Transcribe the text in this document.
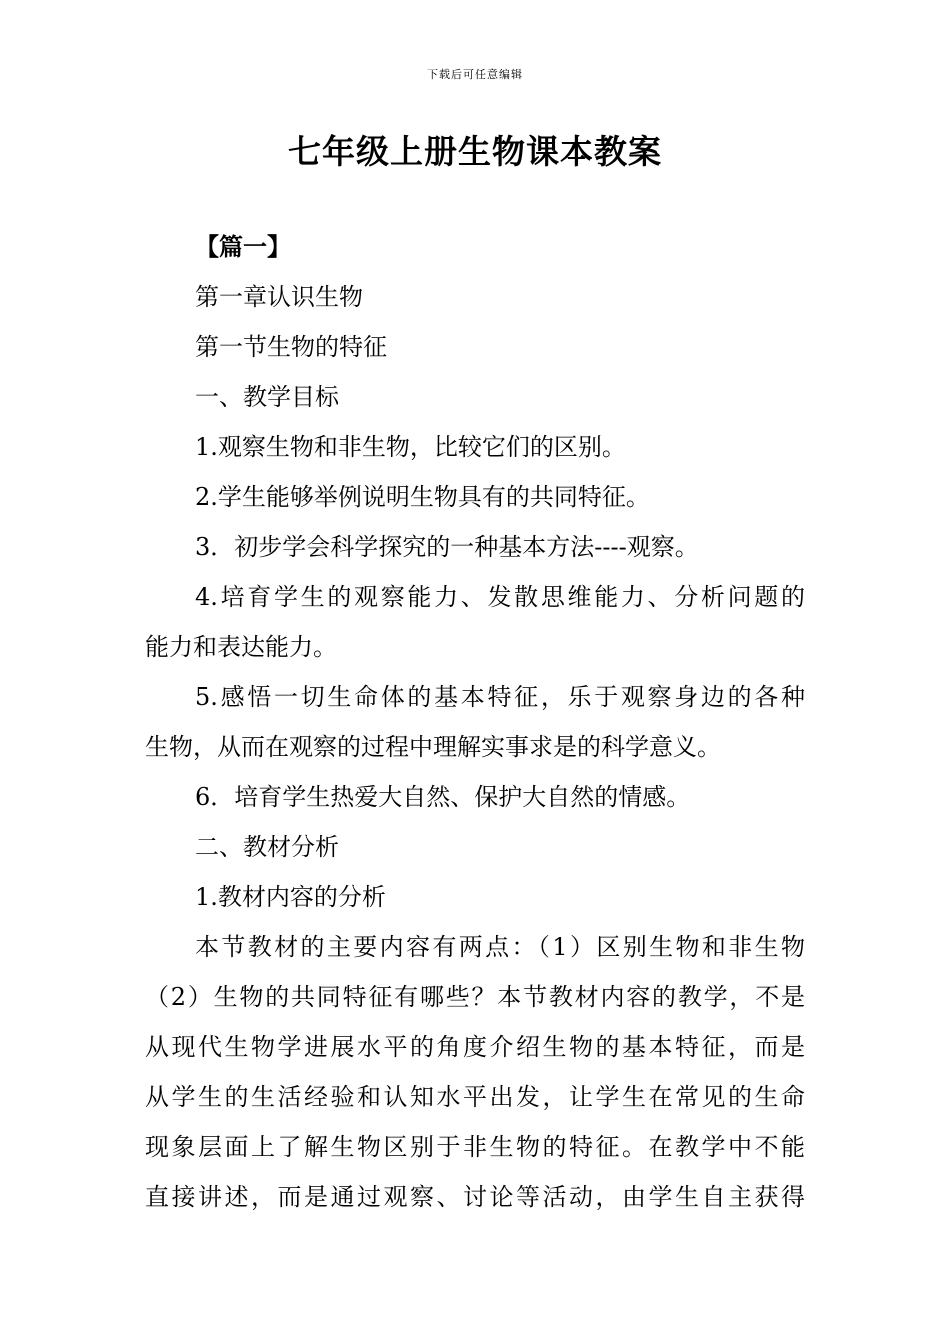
下载后可任意编辑
七年级上册生物课本教案
【篇一】
第一章认识生物
第一节生物的特征
一、教学目标
1.观察生物和非生物，比较它们的区别。
2.学生能够举例说明生物具有的共同特征。
3．初步学会科学探究的一种基本方法----观察。
4.培育学生的观察能力、发散思维能力、分析问题的
能力和表达能力。
5.感悟一切生命体的基本特征，乐于观察身边的各种
生物，从而在观察的过程中理解实事求是的科学意义。
6．培育学生热爱大自然、保护大自然的情感。
二、教材分析
1.教材内容的分析
本节教材的主要内容有两点：（1）区别生物和非生物
（2）生物的共同特征有哪些？本节教材内容的教学，不是
从现代生物学进展水平的角度介绍生物的基本特征，而是
从学生的生活经验和认知水平出发，让学生在常见的生命
现象层面上了解生物区别于非生物的特征。在教学中不能
直接讲述，而是通过观察、讨论等活动，由学生自主获得
